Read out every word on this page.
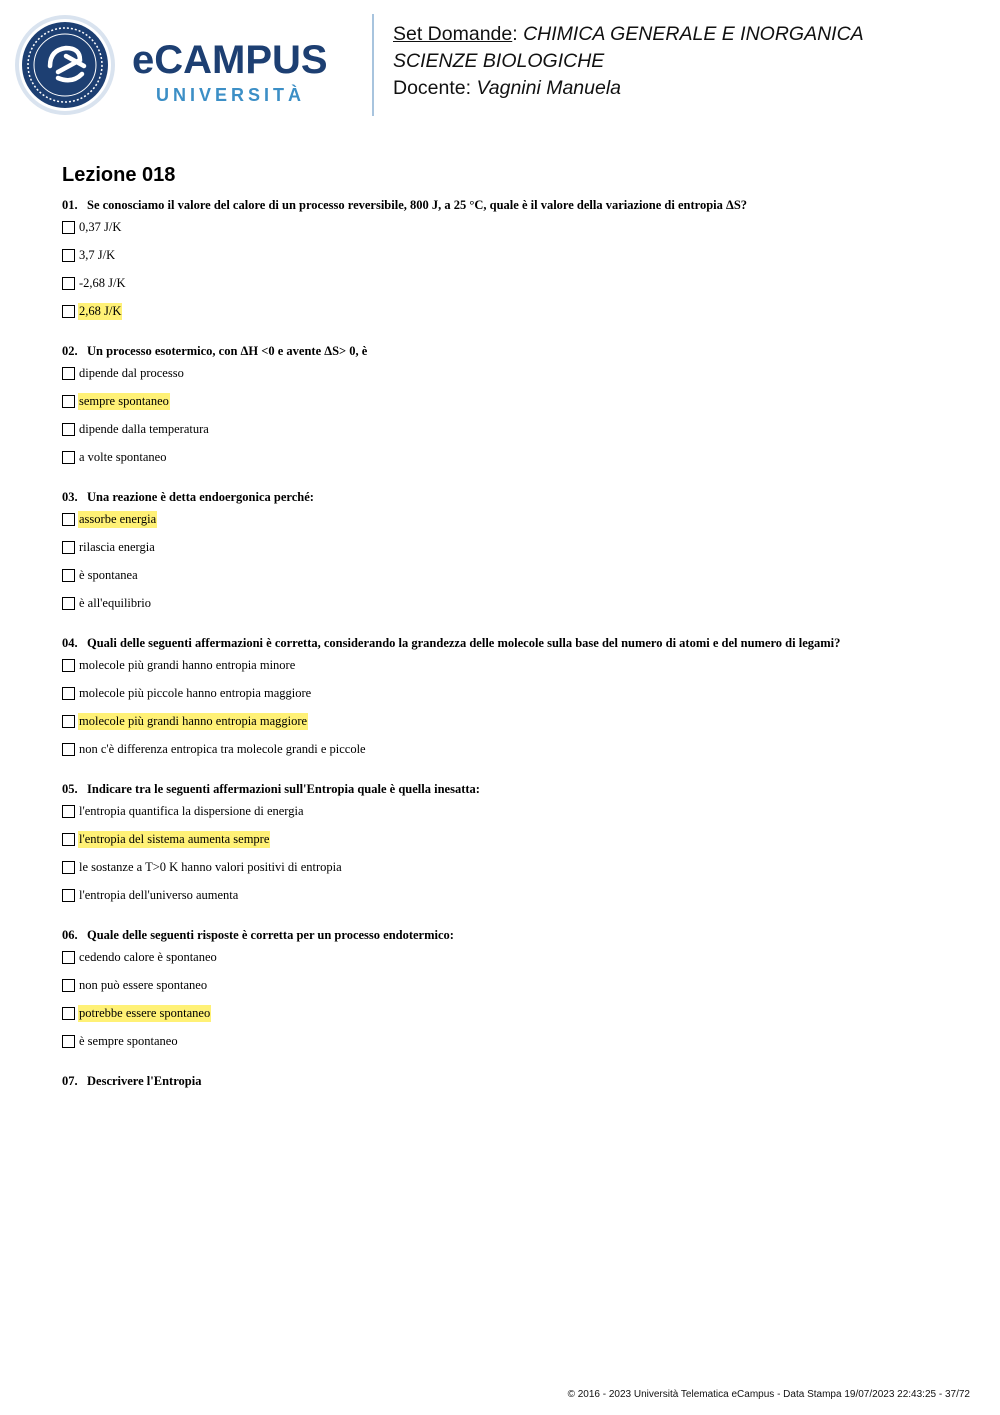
eCAMPUS
UNIVERSITÀ
Set Domande: CHIMICA GENERALE E INORGANICA
SCIENZE BIOLOGICHE
Docente: Vagnini Manuela
Lezione 018
01. Se conosciamo il valore del calore di un processo reversibile, 800 J, a 25 °C, quale è il valore della variazione di entropia ΔS?
0,37 J/K
3,7 J/K
-2,68 J/K
2,68 J/K
02. Un processo esotermico, con ΔH <0 e avente ΔS> 0, è
dipende dal processo
sempre spontaneo
dipende dalla temperatura
a volte spontaneo
03. Una reazione è detta endoergonica perché:
assorbe energia
rilascia energia
è spontanea
è all'equilibrio
04. Quali delle seguenti affermazioni è corretta, considerando la grandezza delle molecole sulla base del numero di atomi e del numero di legami?
molecole più grandi hanno entropia minore
molecole più piccole hanno entropia maggiore
molecole più grandi hanno entropia maggiore
non c'è differenza entropica tra molecole grandi e piccole
05. Indicare tra le seguenti affermazioni sull'Entropia quale è quella inesatta:
l'entropia quantifica la dispersione di energia
l'entropia del sistema aumenta sempre
le sostanze a T>0 K hanno valori positivi di entropia
l'entropia dell'universo aumenta
06. Quale delle seguenti risposte è corretta per un processo endotermico:
cedendo calore è spontaneo
non può essere spontaneo
potrebbe essere spontaneo
è sempre spontaneo
07. Descrivere l'Entropia
© 2016 - 2023 Università Telematica eCampus - Data Stampa 19/07/2023 22:43:25 - 37/72
